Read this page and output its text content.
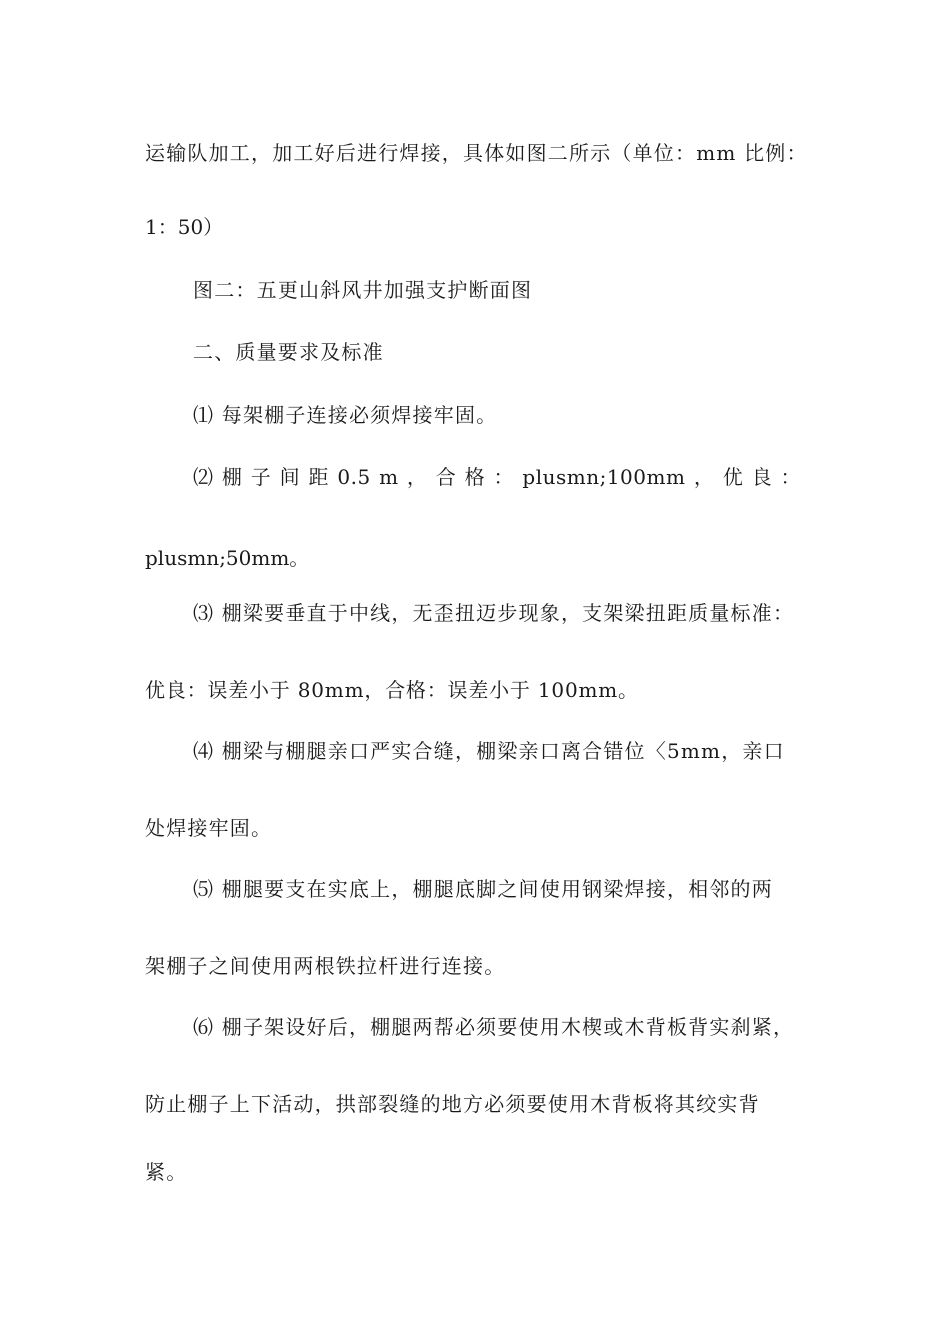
运输队加工，加工好后进行焊接，具体如图二所示（单位：mm 比例：
1：50）
图二：五更山斜风井加强支护断面图
二、质量要求及标准
⑴ 每架棚子连接必须焊接牢固。
⑵ 棚 子 间 距 0.5 m ， 合 格 ： plusmn;100mm ， 优 良 ：
plusmn;50mm。
⑶ 棚梁要垂直于中线，无歪扭迈步现象，支架梁扭距质量标准：
优良：误差小于 80mm，合格：误差小于 100mm。
⑷ 棚梁与棚腿亲口严实合缝，棚梁亲口离合错位〈5mm，亲口
处焊接牢固。
⑸ 棚腿要支在实底上，棚腿底脚之间使用钢梁焊接，相邻的两
架棚子之间使用两根铁拉杆进行连接。
⑹ 棚子架设好后，棚腿两帮必须要使用木楔或木背板背实刹紧，
防止棚子上下活动，拱部裂缝的地方必须要使用木背板将其绞实背
紧。
